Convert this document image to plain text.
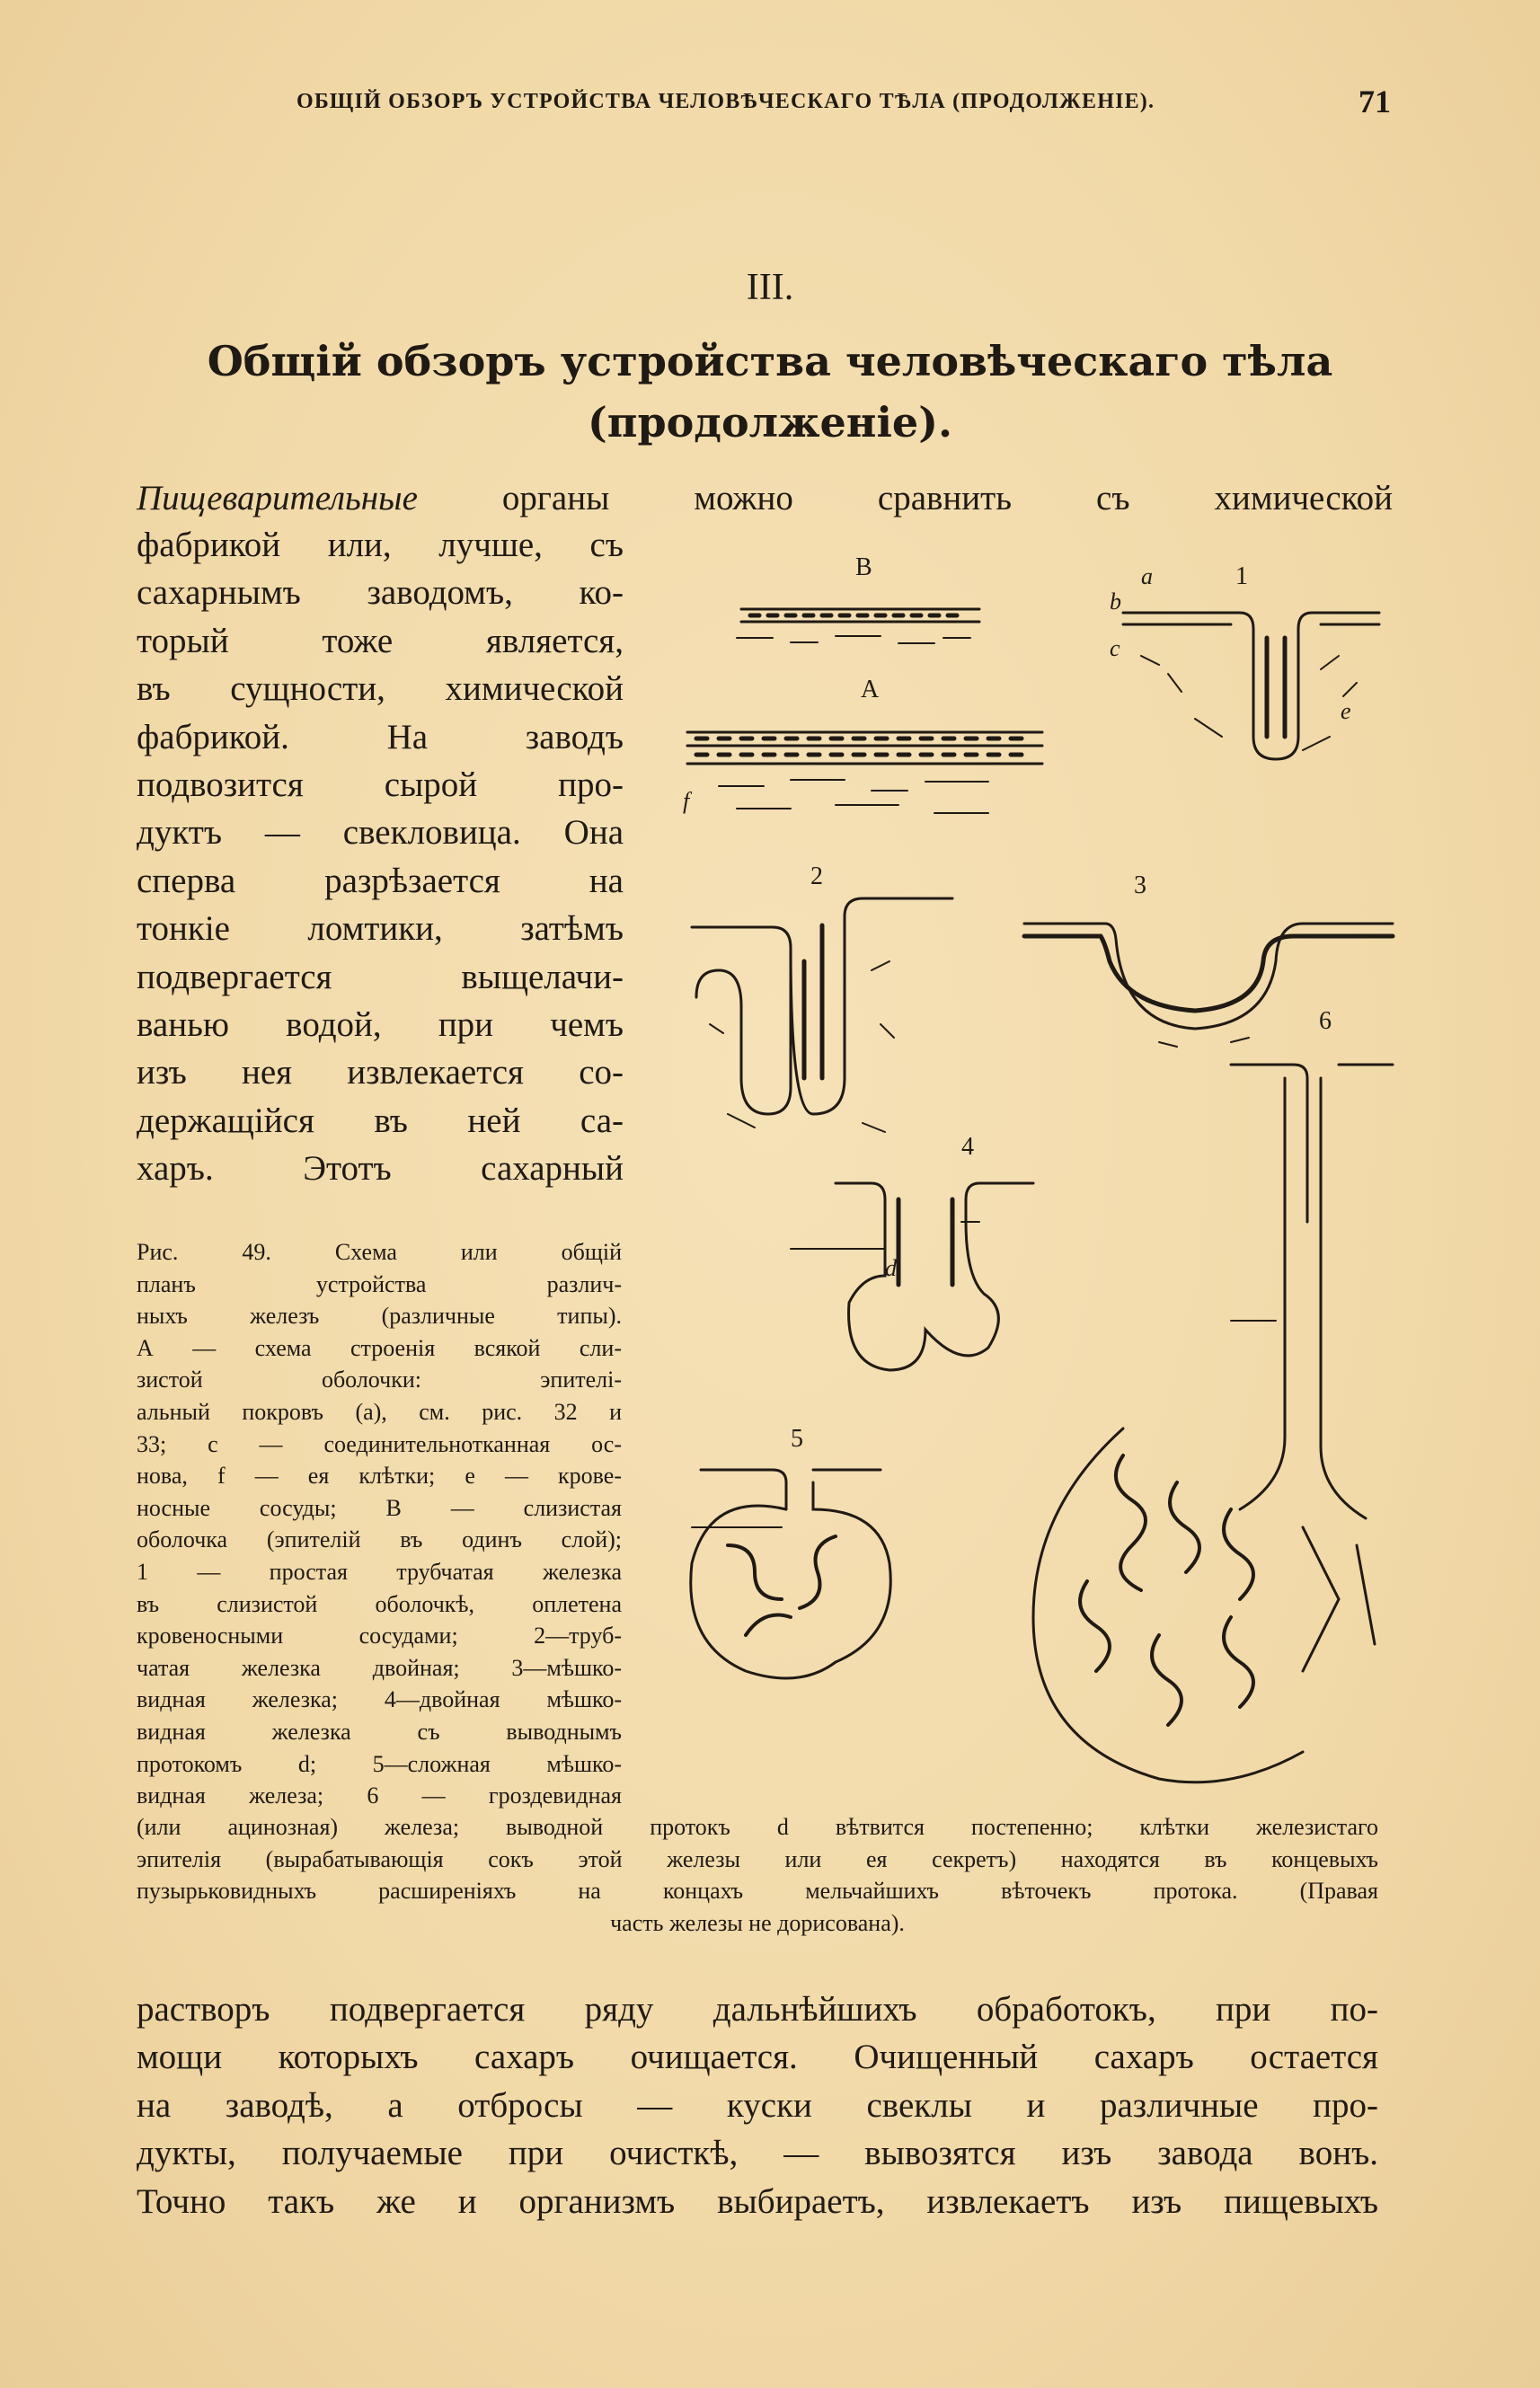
ОБЩІЙ ОБЗОРЪ УСТРОЙСТВА ЧЕЛОВѢЧЕСКАГО ТѢЛА (ПРОДОЛЖЕНІЕ).	71
III.
Общій обзоръ устройства человѣческаго тѣла
(продолженіе).
Пищеварительные органы можно сравнить съ химической
фабрикой или, лучше, съ
сахарнымъ заводомъ, ко-
торый тоже является,
въ сущности, химической
фабрикой. На заводъ
подвозится сырой про-
дуктъ — свекловица. Она
сперва разрѣзается на
тонкіе ломтики, затѣмъ
подвергается выщелачи-
ванью водой, при чемъ
изъ нея извлекается со-
держащійся въ ней са-
харъ. Этотъ сахарный
Рис. 49. Схема или общій
планъ устройства различ-
ныхъ железъ (различные типы).
А — схема строенія всякой сли-
зистой оболочки: эпителі-
альный покровъ (а), см. рис. 32 и
33; с — соединительнотканная ос-
нова, f — ея клѣтки; е — крове-
носные сосуды; В — слизистая
оболочка (эпителій въ одинъ слой);
1 — простая трубчатая железка
въ слизистой оболочкѣ, оплетена
кровеносными сосудами; 2—труб-
чатая железка двойная; 3—мѣшко-
видная железка; 4—двойная мѣшко-
видная железка съ выводнымъ
протокомъ d; 5—сложная мѣшко-
видная железа; 6 — гроздевидная
(или ацинозная) железа; выводной протокъ d вѣтвится постепенно; клѣтки железистаго
эпителія (вырабатывающія сокъ этой железы или ея секретъ) находятся въ концевыхъ
пузырьковидныхъ расширеніяхъ на концахъ мельчайшихъ вѣточекъ протока. (Правая
часть железы не дорисована).
растворъ подвергается ряду дальнѣйшихъ обработокъ, при по-
мощи которыхъ сахаръ очищается. Очищенный сахаръ остается
на заводѣ, а отбросы — куски свеклы и различные про-
дукты, получаемые при очисткѣ, — вывозятся изъ завода вонъ.
Точно такъ же и организмъ выбираетъ, извлекаетъ изъ пищевыхъ
B
A
1
a
b
c
e
f
2	3
4
d
5
6
